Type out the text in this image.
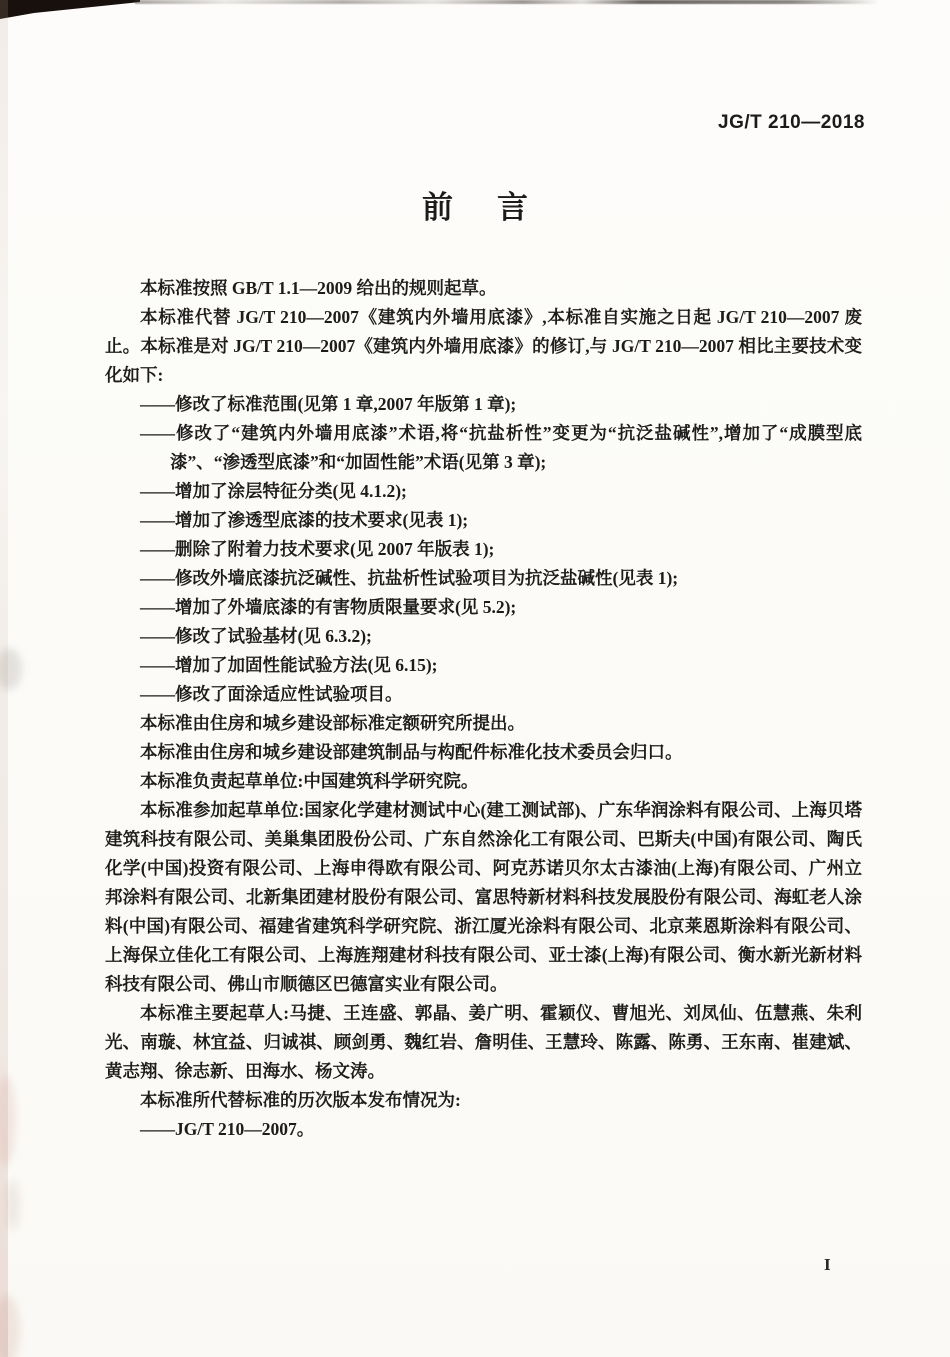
JG/T 210—2018

前 言

本标准按照 GB/T 1.1—2009 给出的规则起草。

本标准代替 JG/T 210—2007《建筑内外墙用底漆》,本标准自实施之日起 JG/T 210—2007 废止。本标准是对 JG/T 210—2007《建筑内外墙用底漆》的修订,与 JG/T 210—2007 相比主要技术变化如下:

——修改了标准范围(见第 1 章,2007 年版第 1 章);

——修改了“建筑内外墙用底漆”术语,将“抗盐析性”变更为“抗泛盐碱性”,增加了“成膜型底漆”、“渗透型底漆”和“加固性能”术语(见第 3 章);

——增加了涂层特征分类(见 4.1.2);

——增加了渗透型底漆的技术要求(见表 1);

——删除了附着力技术要求(见 2007 年版表 1);

——修改外墙底漆抗泛碱性、抗盐析性试验项目为抗泛盐碱性(见表 1);

——增加了外墙底漆的有害物质限量要求(见 5.2);

——修改了试验基材(见 6.3.2);

——增加了加固性能试验方法(见 6.15);

——修改了面涂适应性试验项目。

本标准由住房和城乡建设部标准定额研究所提出。

本标准由住房和城乡建设部建筑制品与构配件标准化技术委员会归口。

本标准负责起草单位:中国建筑科学研究院。

本标准参加起草单位:国家化学建材测试中心(建工测试部)、广东华润涂料有限公司、上海贝塔建筑科技有限公司、美巢集团股份公司、广东自然涂化工有限公司、巴斯夫(中国)有限公司、陶氏化学(中国)投资有限公司、上海申得欧有限公司、阿克苏诺贝尔太古漆油(上海)有限公司、广州立邦涂料有限公司、北新集团建材股份有限公司、富思特新材料科技发展股份有限公司、海虹老人涂料(中国)有限公司、福建省建筑科学研究院、浙江厦光涂料有限公司、北京莱恩斯涂料有限公司、上海保立佳化工有限公司、上海旌翔建材科技有限公司、亚士漆(上海)有限公司、衡水新光新材料科技有限公司、佛山市顺德区巴德富实业有限公司。

本标准主要起草人:马捷、王连盛、郭晶、姜广明、霍颖仪、曹旭光、刘凤仙、伍慧燕、朱利光、南璇、林宜益、归诚祺、顾剑勇、魏红岩、詹明佳、王慧玲、陈露、陈勇、王东南、崔建斌、黄志翔、徐志新、田海水、杨文涛。

本标准所代替标准的历次版本发布情况为:

——JG/T 210—2007。

I
